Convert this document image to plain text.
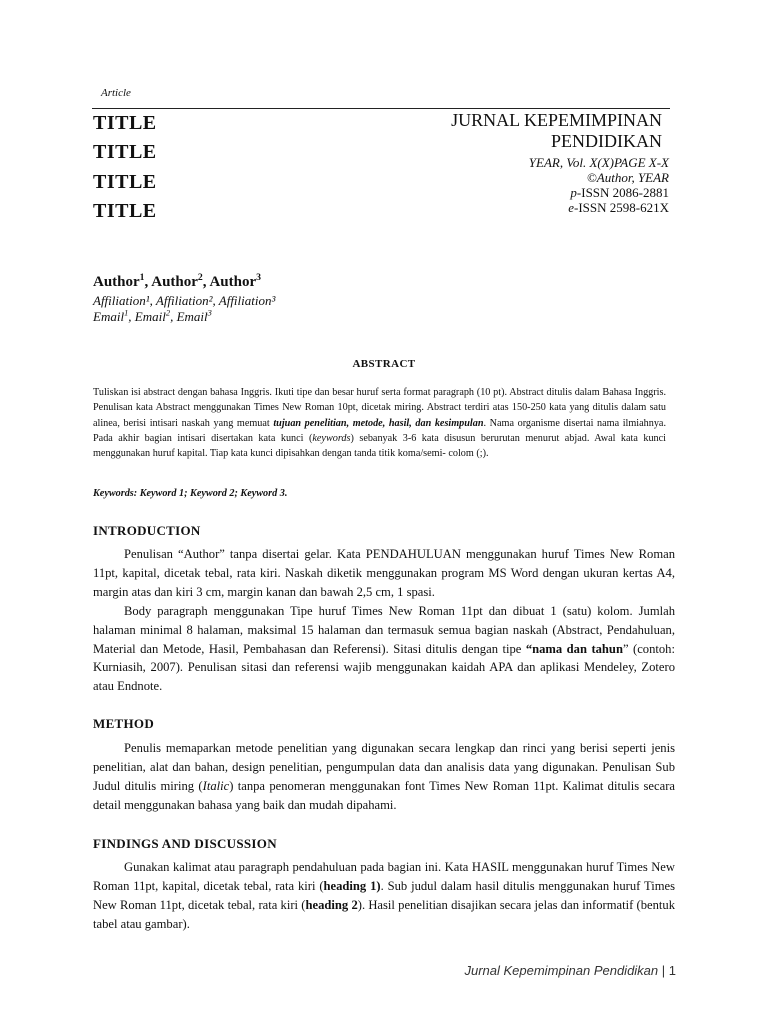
Article
TITLE
TITLE
TITLE
TITLE
JURNAL KEPEMIMPINAN
PENDIDIKAN
YEAR, Vol. X(X)PAGE X-X
©Author, YEAR
p-ISSN 2086-2881
e-ISSN 2598-621X
Author$^1$, Author$^2$, Author$^3$
Affiliation¹, Affiliation², Affiliation³
Email$^1$, Email$^2$, Email$^3$
ABSTRACT
Tuliskan isi abstract dengan bahasa Inggris. Ikuti tipe dan besar huruf serta format paragraph (10 pt). Abstract ditulis dalam Bahasa Inggris. Penulisan kata Abstract menggunakan Times New Roman 10pt, dicetak miring. Abstract terdiri atas 150-250 kata yang ditulis dalam satu alinea, berisi intisari naskah yang memuat tujuan penelitian, metode, hasil, dan kesimpulan. Nama organisme disertai nama ilmiahnya. Pada akhir bagian intisari disertakan kata kunci (keywords) sebanyak 3-6 kata disusun berurutan menurut abjad. Awal kata kunci menggunakan huruf kapital. Tiap kata kunci dipisahkan dengan tanda titik koma/semi- colom (;).
Keywords: Keyword 1; Keyword 2; Keyword 3.
INTRODUCTION

Penulisan “Author” tanpa disertai gelar. Kata PENDAHULUAN menggunakan huruf Times New Roman 11pt, kapital, dicetak tebal, rata kiri. Naskah diketik menggunakan program MS Word dengan ukuran kertas A4, margin atas dan kiri 3 cm, margin kanan dan bawah 2,5 cm, 1 spasi.

Body paragraph menggunakan Tipe huruf Times New Roman 11pt dan dibuat 1 (satu) kolom. Jumlah halaman minimal 8 halaman, maksimal 15 halaman dan termasuk semua bagian naskah (Abstract, Pendahuluan, Material dan Metode, Hasil, Pembahasan dan Referensi). Sitasi ditulis dengan tipe “nama dan tahun” (contoh: Kurniasih, 2007). Penulisan sitasi dan referensi wajib menggunakan kaidah APA dan aplikasi Mendeley, Zotero atau Endnote.

METHOD

Penulis memaparkan metode penelitian yang digunakan secara lengkap dan rinci yang berisi seperti jenis penelitian, alat dan bahan, design penelitian, pengumpulan data dan analisis data yang digunakan. Penulisan Sub Judul ditulis miring (Italic) tanpa penomeran menggunakan font Times New Roman 11pt. Kalimat ditulis secara detail menggunakan bahasa yang baik dan mudah dipahami.

FINDINGS AND DISCUSSION

Gunakan kalimat atau paragraph pendahuluan pada bagian ini. Kata HASIL menggunakan huruf Times New Roman 11pt, kapital, dicetak tebal, rata kiri (heading 1). Sub judul dalam hasil ditulis menggunakan huruf Times New Roman 11pt, dicetak tebal, rata kiri (heading 2). Hasil penelitian disajikan secara jelas dan informatif (bentuk tabel atau gambar).

Jurnal Kepemimpinan Pendidikan | 1
